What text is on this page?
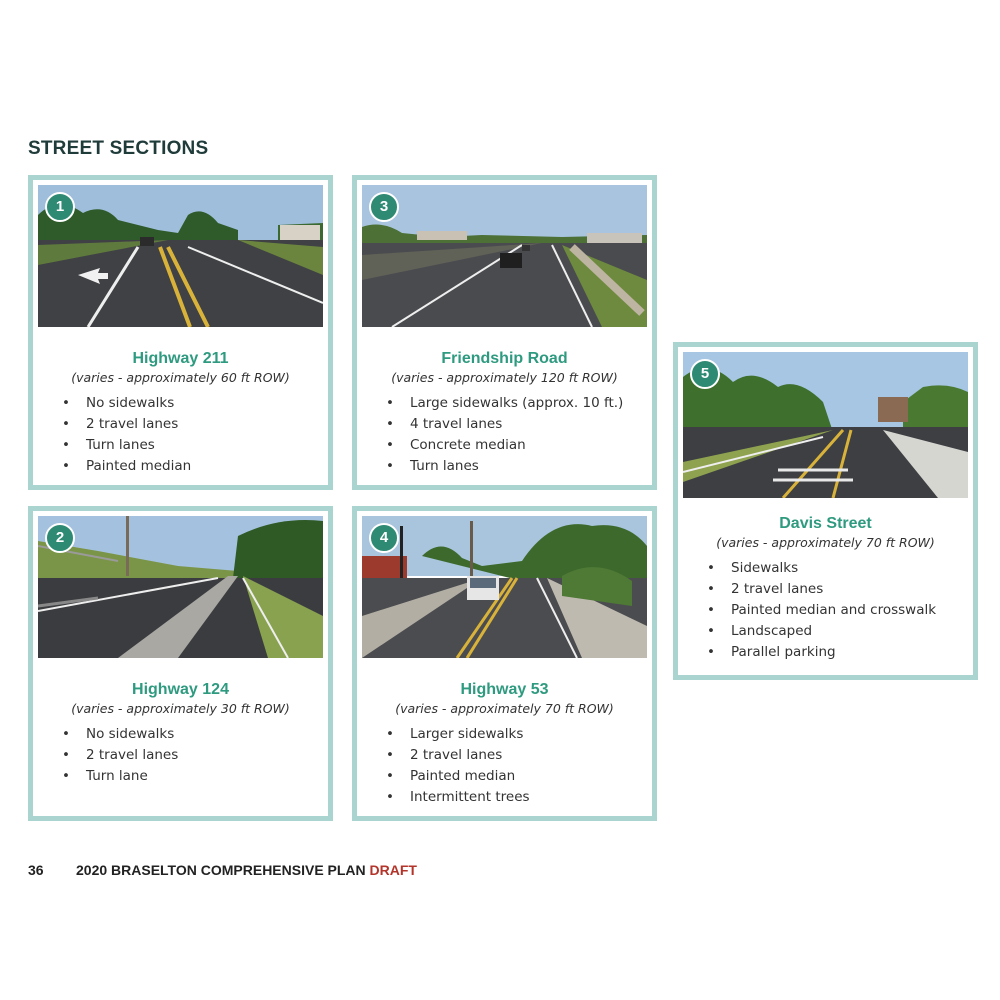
STREET SECTIONS
1
Highway 211
(varies - approximately 60 ft ROW)
• No sidewalks
• 2 travel lanes
• Turn lanes
• Painted median
3
Friendship Road
(varies - approximately 120 ft ROW)
• Large sidewalks (approx. 10 ft.)
• 4 travel lanes
• Concrete median
• Turn lanes
5
Davis Street
(varies - approximately 70 ft ROW)
• Sidewalks
• 2 travel lanes
• Painted median and crosswalk
• Landscaped
• Parallel parking
2
Highway 124
(varies - approximately 30 ft ROW)
• No sidewalks
• 2 travel lanes
• Turn lane
4
Highway 53
(varies - approximately 70 ft ROW)
• Larger sidewalks
• 2 travel lanes
• Painted median
• Intermittent trees
36 2020 BRASELTON COMPREHENSIVE PLAN DRAFT
